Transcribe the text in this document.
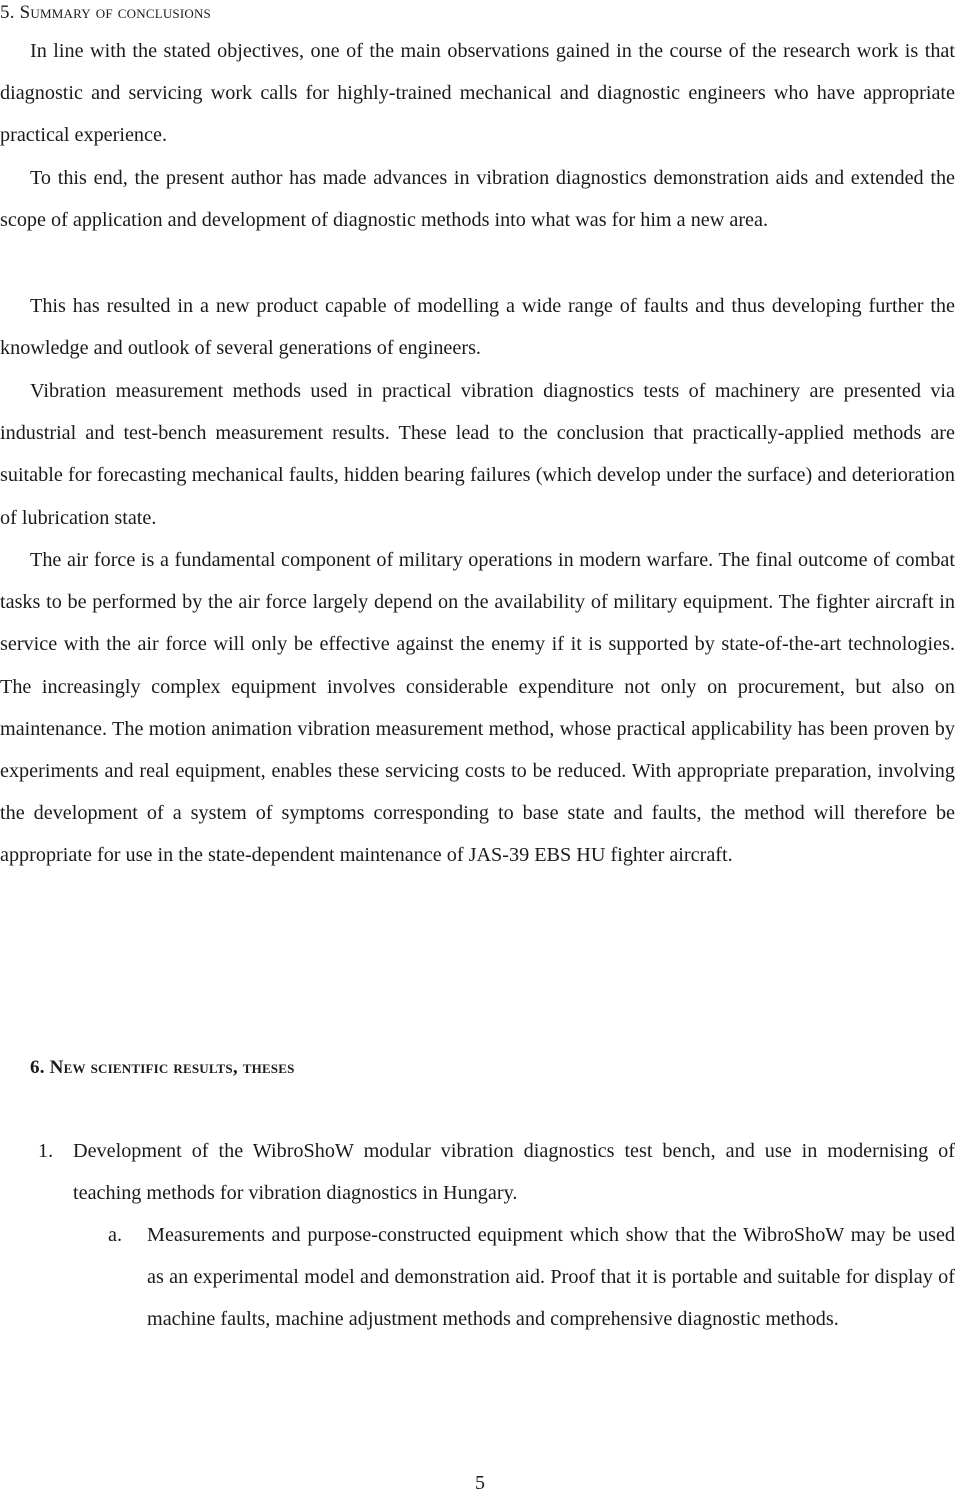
5. Summary of conclusions

In line with the stated objectives, one of the main observations gained in the course of the research work is that diagnostic and servicing work calls for highly-trained mechanical and diagnostic engineers who have appropriate practical experience.

To this end, the present author has made advances in vibration diagnostics demonstration aids and extended the scope of application and development of diagnostic methods into what was for him a new area.

This has resulted in a new product capable of modelling a wide range of faults and thus developing further the knowledge and outlook of several generations of engineers.

Vibration measurement methods used in practical vibration diagnostics tests of machinery are presented via industrial and test-bench measurement results. These lead to the conclusion that practically-applied methods are suitable for forecasting mechanical faults, hidden bearing failures (which develop under the surface) and deterioration of lubrication state.

The air force is a fundamental component of military operations in modern warfare. The final outcome of combat tasks to be performed by the air force largely depend on the availability of military equipment. The fighter aircraft in service with the air force will only be effective against the enemy if it is supported by state-of-the-art technologies. The increasingly complex equipment involves considerable expenditure not only on procurement, but also on maintenance. The motion animation vibration measurement method, whose practical applicability has been proven by experiments and real equipment, enables these servicing costs to be reduced. With appropriate preparation, involving the development of a system of symptoms corresponding to base state and faults, the method will therefore be appropriate for use in the state-dependent maintenance of JAS-39 EBS HU fighter aircraft.

6. New scientific results, theses
1. Development of the WibroShoW modular vibration diagnostics test bench, and use in modernising of teaching methods for vibration diagnostics in Hungary.

a. Measurements and purpose-constructed equipment which show that the WibroShoW may be used as an experimental model and demonstration aid. Proof that it is portable and suitable for display of machine faults, machine adjustment methods and comprehensive diagnostic methods.

5
